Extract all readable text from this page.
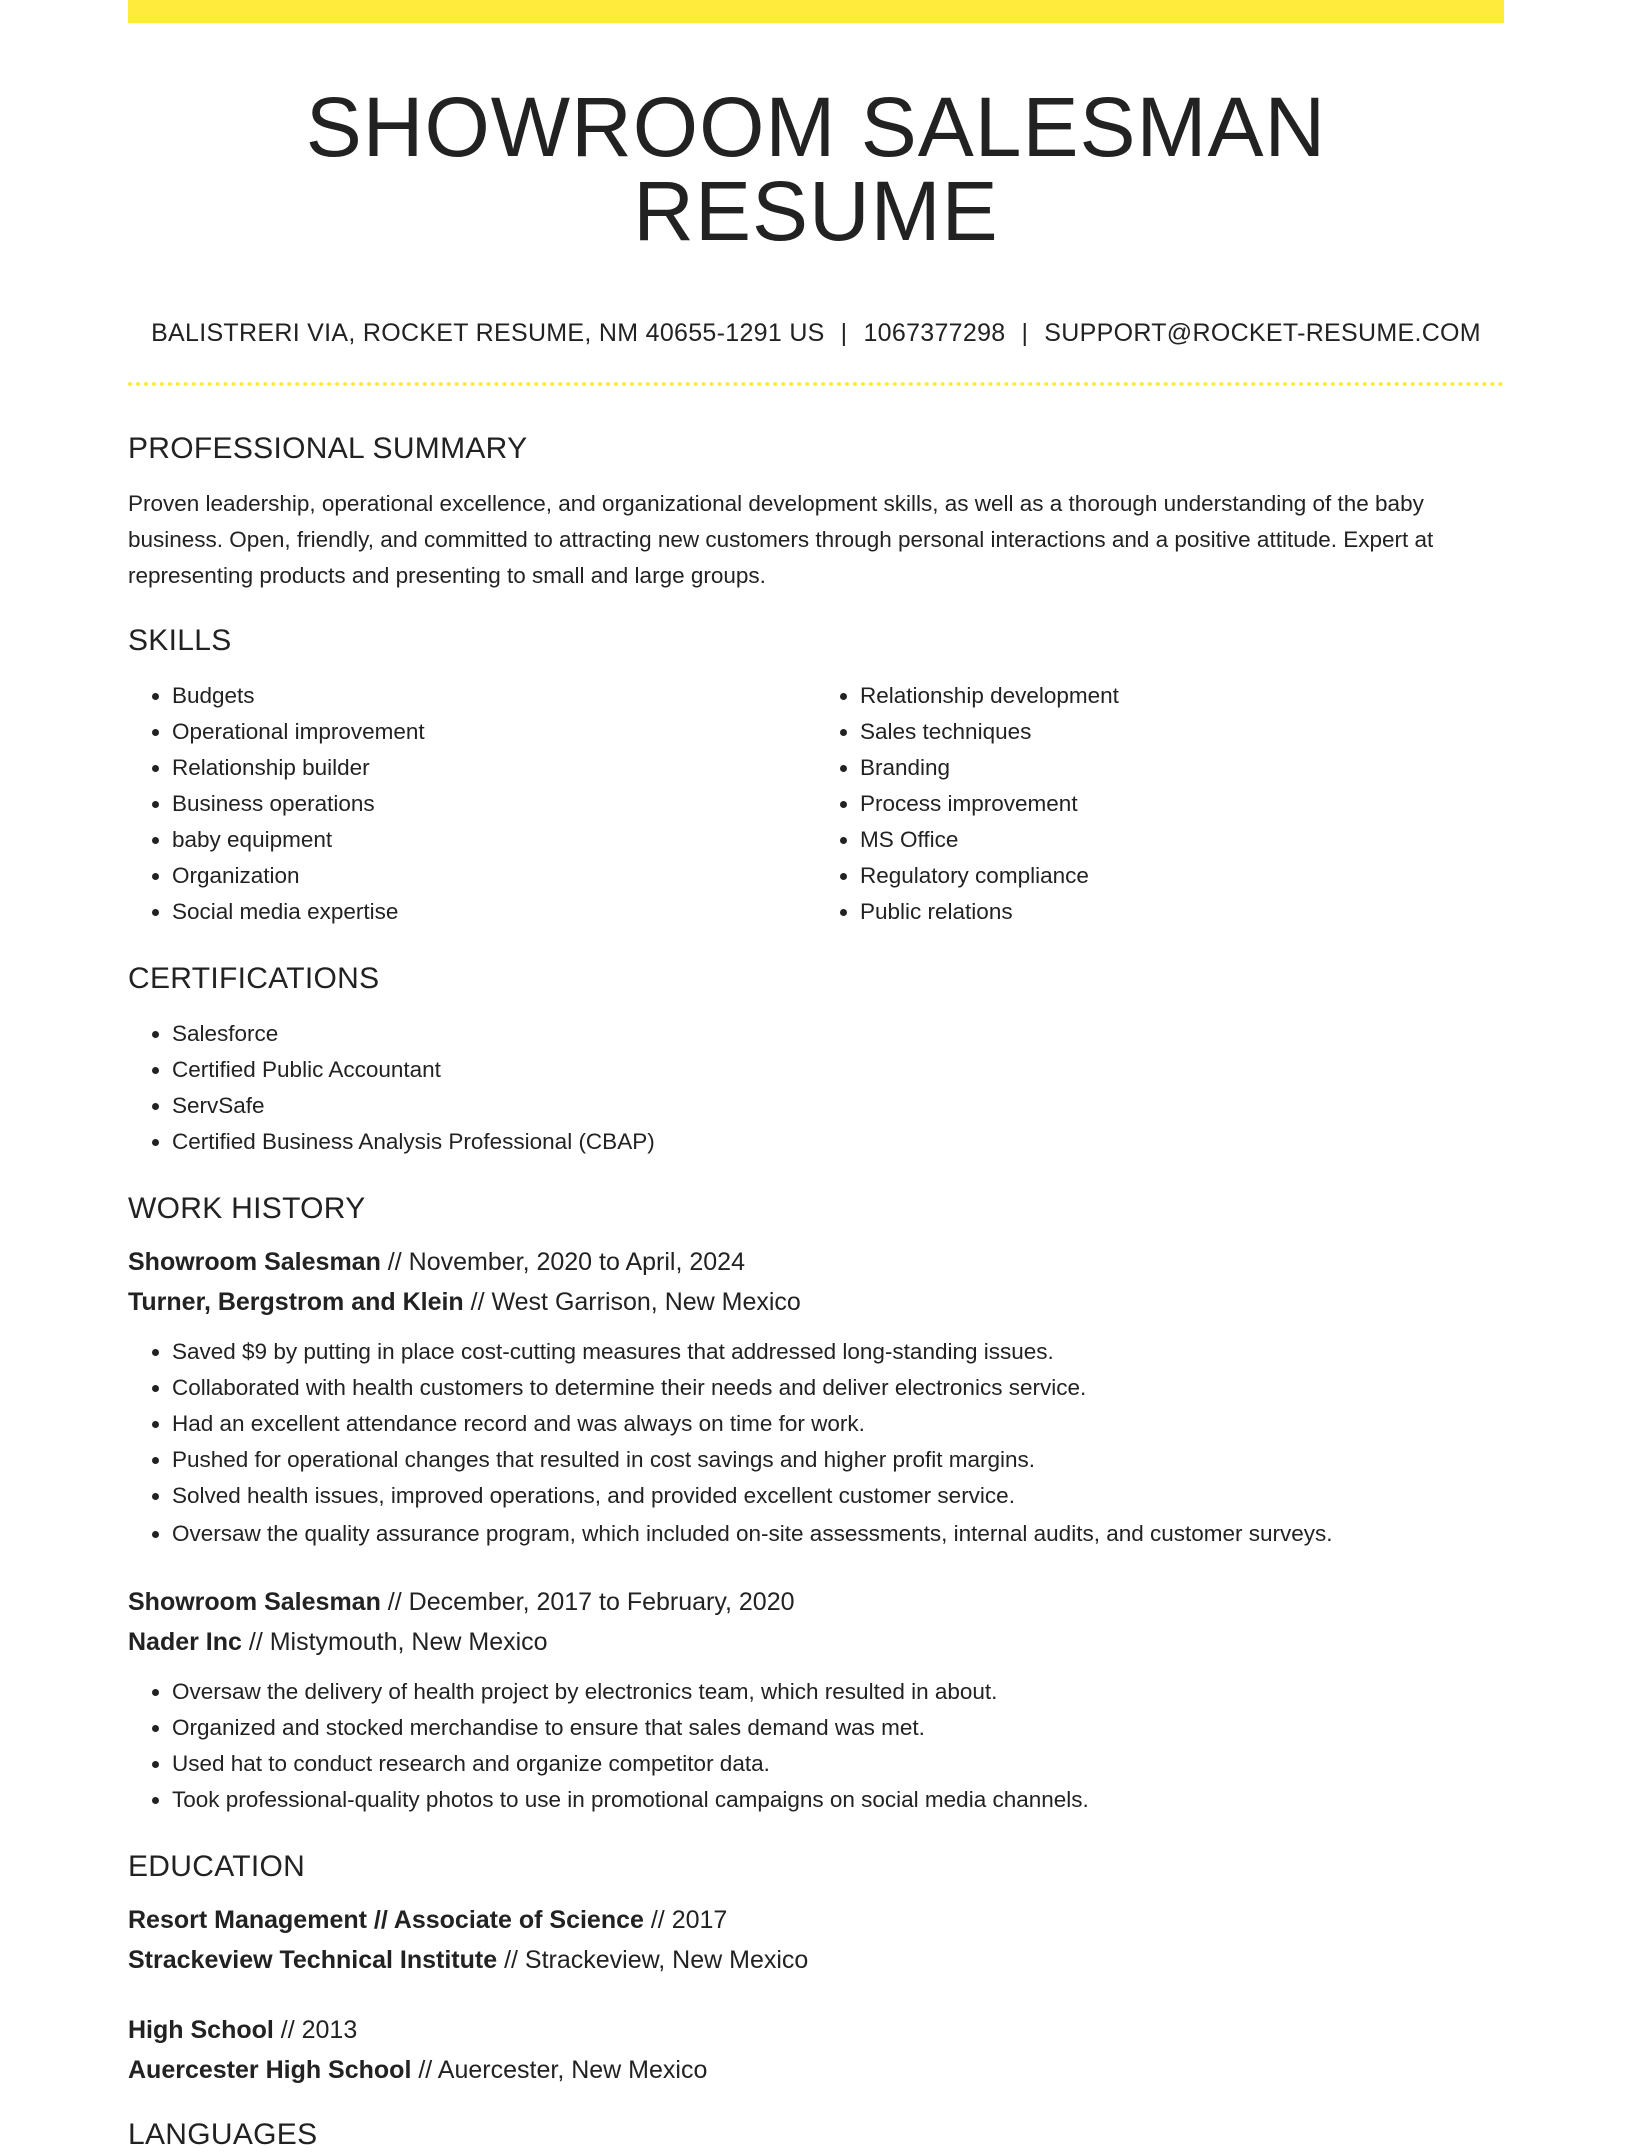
SHOWROOM SALESMAN RESUME
BALISTRERI VIA, ROCKET RESUME, NM 40655-1291 US | 1067377298 | SUPPORT@ROCKET-RESUME.COM
PROFESSIONAL SUMMARY

Proven leadership, operational excellence, and organizational development skills, as well as a thorough understanding of the baby business. Open, friendly, and committed to attracting new customers through personal interactions and a positive attitude. Expert at representing products and presenting to small and large groups.

SKILLS
• Budgets
• Operational improvement
• Relationship builder
• Business operations
• baby equipment
• Organization
• Social media expertise
• Relationship development
• Sales techniques
• Branding
• Process improvement
• MS Office
• Regulatory compliance
• Public relations
CERTIFICATIONS
• Salesforce
• Certified Public Accountant
• ServSafe
• Certified Business Analysis Professional (CBAP)
WORK HISTORY
Showroom Salesman // November, 2020 to April, 2024
Turner, Bergstrom and Klein // West Garrison, New Mexico
• Saved $9 by putting in place cost-cutting measures that addressed long-standing issues.
• Collaborated with health customers to determine their needs and deliver electronics service.
• Had an excellent attendance record and was always on time for work.
• Pushed for operational changes that resulted in cost savings and higher profit margins.
• Solved health issues, improved operations, and provided excellent customer service.
• Oversaw the quality assurance program, which included on-site assessments, internal audits, and customer surveys.
Showroom Salesman // December, 2017 to February, 2020
Nader Inc // Mistymouth, New Mexico
• Oversaw the delivery of health project by electronics team, which resulted in about.
• Organized and stocked merchandise to ensure that sales demand was met.
• Used hat to conduct research and organize competitor data.
• Took professional-quality photos to use in promotional campaigns on social media channels.
EDUCATION
Resort Management // Associate of Science // 2017
Strackeview Technical Institute // Strackeview, New Mexico
High School // 2013
Auercester High School // Auercester, New Mexico
LANGUAGES
